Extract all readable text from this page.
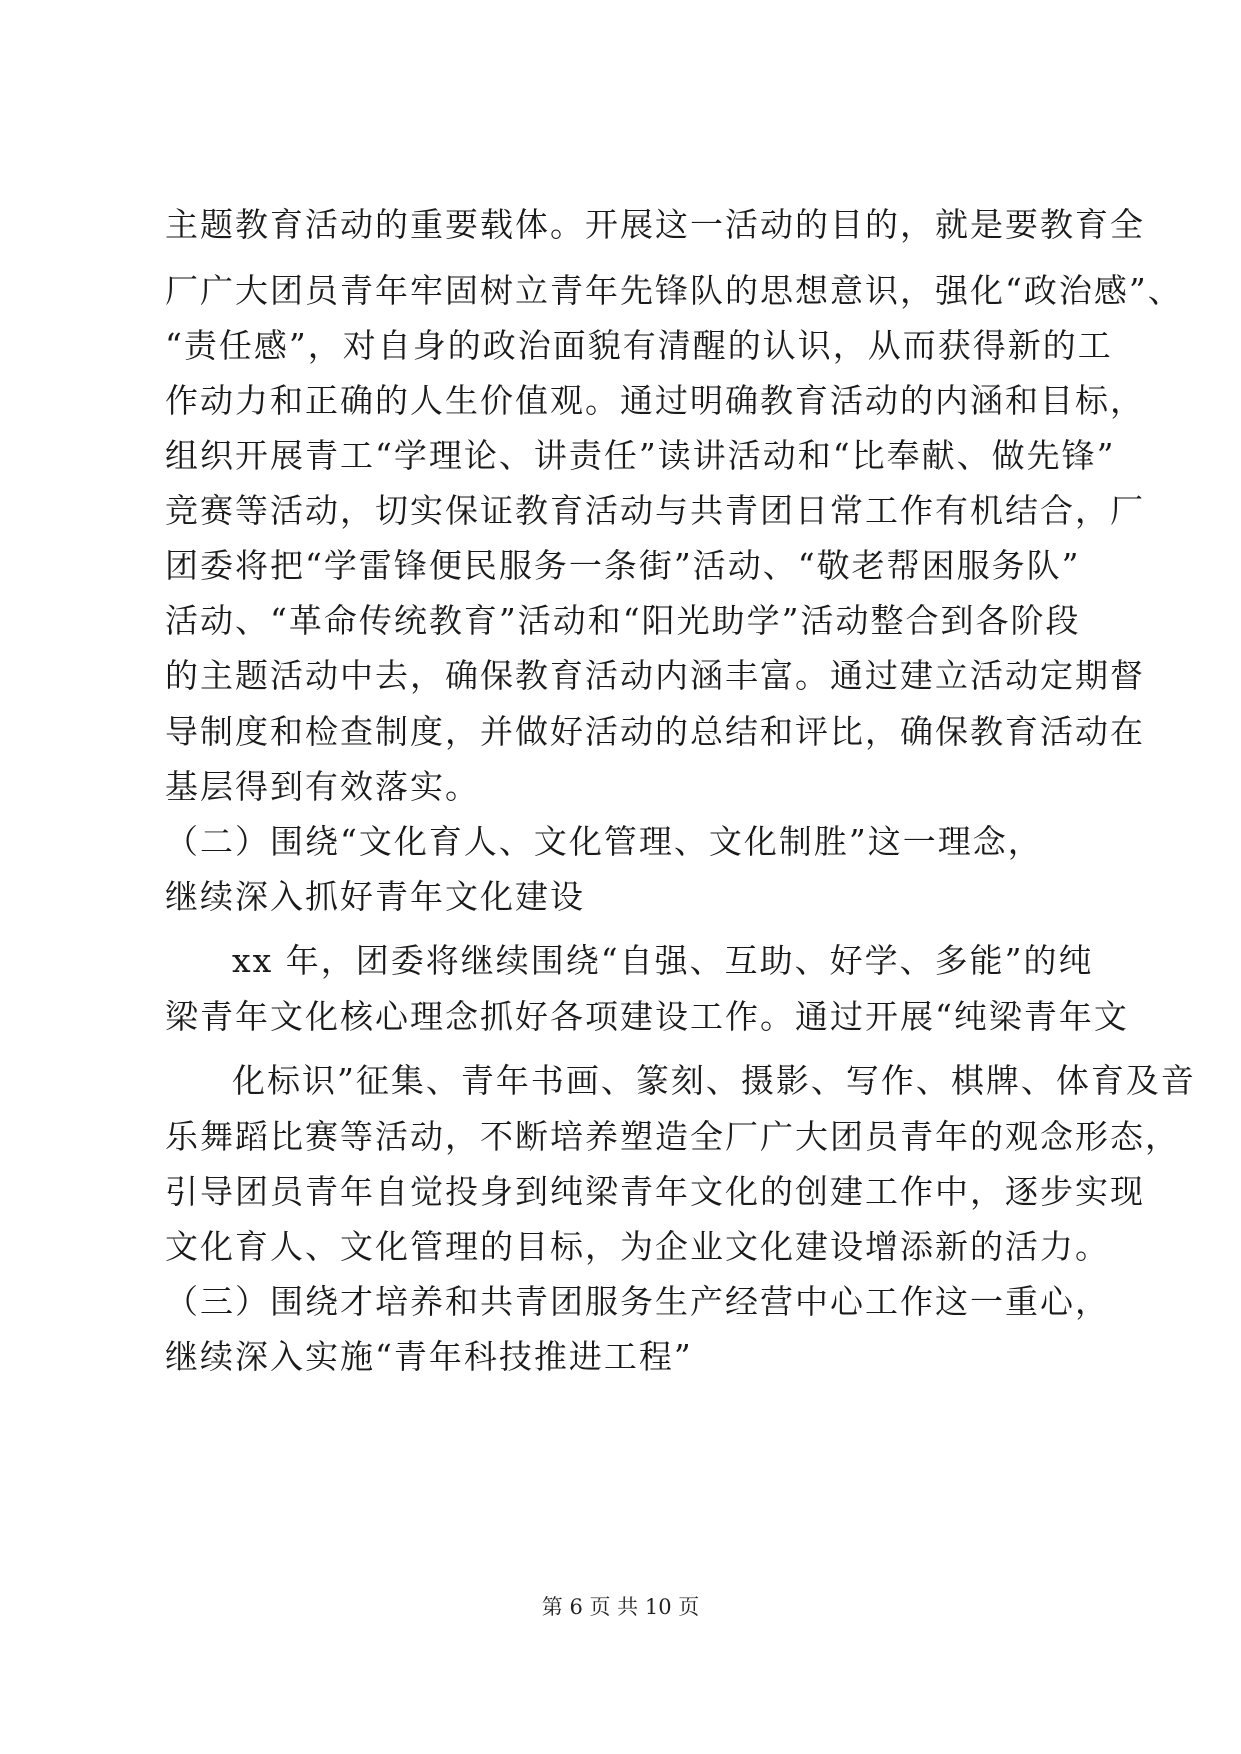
主题教育活动的重要载体。开展这一活动的目的，就是要教育全
厂广大团员青年牢固树立青年先锋队的思想意识，强化“政治感”、
“责任感”，对自身的政治面貌有清醒的认识，从而获得新的工
作动力和正确的人生价值观。通过明确教育活动的内涵和目标，
组织开展青工“学理论、讲责任”读讲活动和“比奉献、做先锋”
竞赛等活动，切实保证教育活动与共青团日常工作有机结合，厂
团委将把“学雷锋便民服务一条街”活动、“敬老帮困服务队”
活动、“革命传统教育”活动和“阳光助学”活动整合到各阶段
的主题活动中去，确保教育活动内涵丰富。通过建立活动定期督
导制度和检查制度，并做好活动的总结和评比，确保教育活动在
基层得到有效落实。
（二）围绕“文化育人、文化管理、文化制胜”这一理念，
继续深入抓好青年文化建设
xx 年，团委将继续围绕“自强、互助、好学、多能”的纯
梁青年文化核心理念抓好各项建设工作。通过开展“纯梁青年文
化标识”征集、青年书画、篆刻、摄影、写作、棋牌、体育及音
乐舞蹈比赛等活动，不断培养塑造全厂广大团员青年的观念形态，
引导团员青年自觉投身到纯梁青年文化的创建工作中，逐步实现
文化育人、文化管理的目标，为企业文化建设增添新的活力。
（三）围绕才培养和共青团服务生产经营中心工作这一重心，
继续深入实施“青年科技推进工程”
第 6 页 共 10 页
